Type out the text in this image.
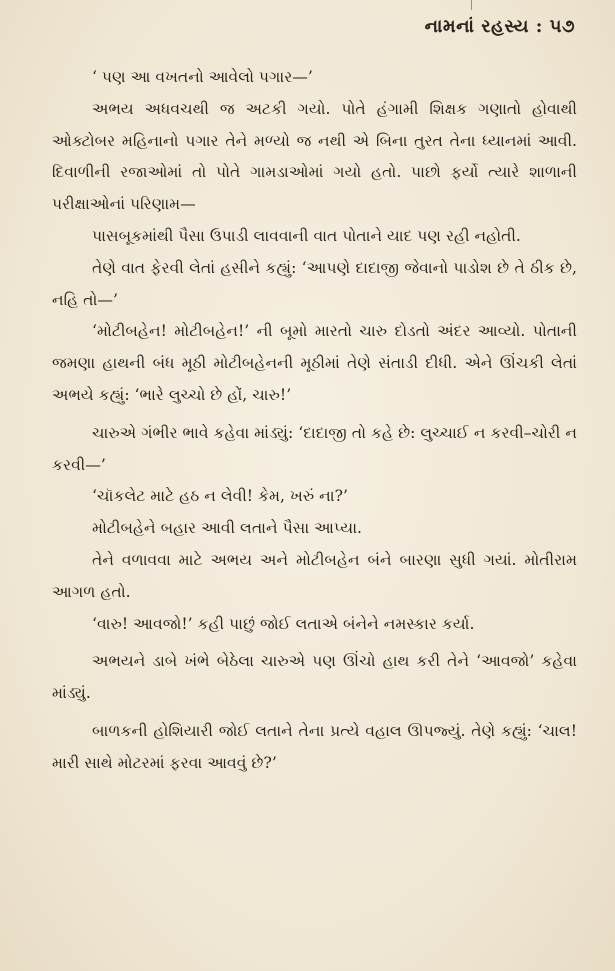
નામનાં રહસ્ય : ૫૭

‘ પણ આ વખતનો આવેલો પગાર—’

અભય અધવચથી જ અટકી ગયો. પોતે હંગામી શિક્ષક ગણાતો હોવાથી ઓક્ટોબર મહિનાનો પગાર તેને મળ્યો જ નથી એ બિના તુરત તેના ધ્યાનમાં આવી. દિવાળીની રજાઓમાં તો પોતે ગામડાઓમાં ગયો હતો. પાછો ફર્યો ત્યારે શાળાની પરીક્ષાઓનાં પરિણામ—

પાસબૂકમાંથી પૈસા ઉપાડી લાવવાની વાત પોતાને યાદ પણ રહી નહોતી.

તેણે વાત ફેરવી લેતાં હસીને કહ્યું: ‘આપણે દાદાજી જેવાનો પાડોશ છે તે ઠીક છે, નહિ તો—’

‘મોટીબહેન! મોટીબહેન!’ ની બૂમો મારતો ચારુ દોડતો અંદર આવ્યો. પોતાની જમણા હાથની બંધ મૂઠી મોટીબહેનની મૂઠીમાં તેણે સંતાડી દીધી. એને ઊંચકી લેતાં અભયે કહ્યું: ‘ભારે લુચ્ચો છે હોં, ચારુ!’

ચારુએ ગંભીર ભાવે કહેવા માંડ્યું: ‘દાદાજી તો કહે છે: લુચ્ચાઈ ન કરવી–ચોરી ન કરવી—’

‘ચૉકલેટ માટે હઠ ન લેવી! કેમ, ખરું ના?’

મોટીબહેને બહાર આવી લતાને પૈસા આપ્યા.

તેને વળાવવા માટે અભય અને મોટીબહેન બંને બારણા સુધી ગયાં. મોતીરામ આગળ હતો.

‘વારુ! આવજો!’ કહી પાછું જોઈ લતાએ બંનેને નમસ્કાર કર્યા.

અભયને ડાબે ખંભે બેઠેલા ચારુએ પણ ઊંચો હાથ કરી તેને ‘આવજો’ કહેવા માંડ્યું.

બાળકની હોશિયારી જોઈ લતાને તેના પ્રત્યે વહાલ ઊપજ્યું. તેણે કહ્યું: ‘ચાલ! મારી સાથે મોટરમાં ફરવા આવવું છે?’
